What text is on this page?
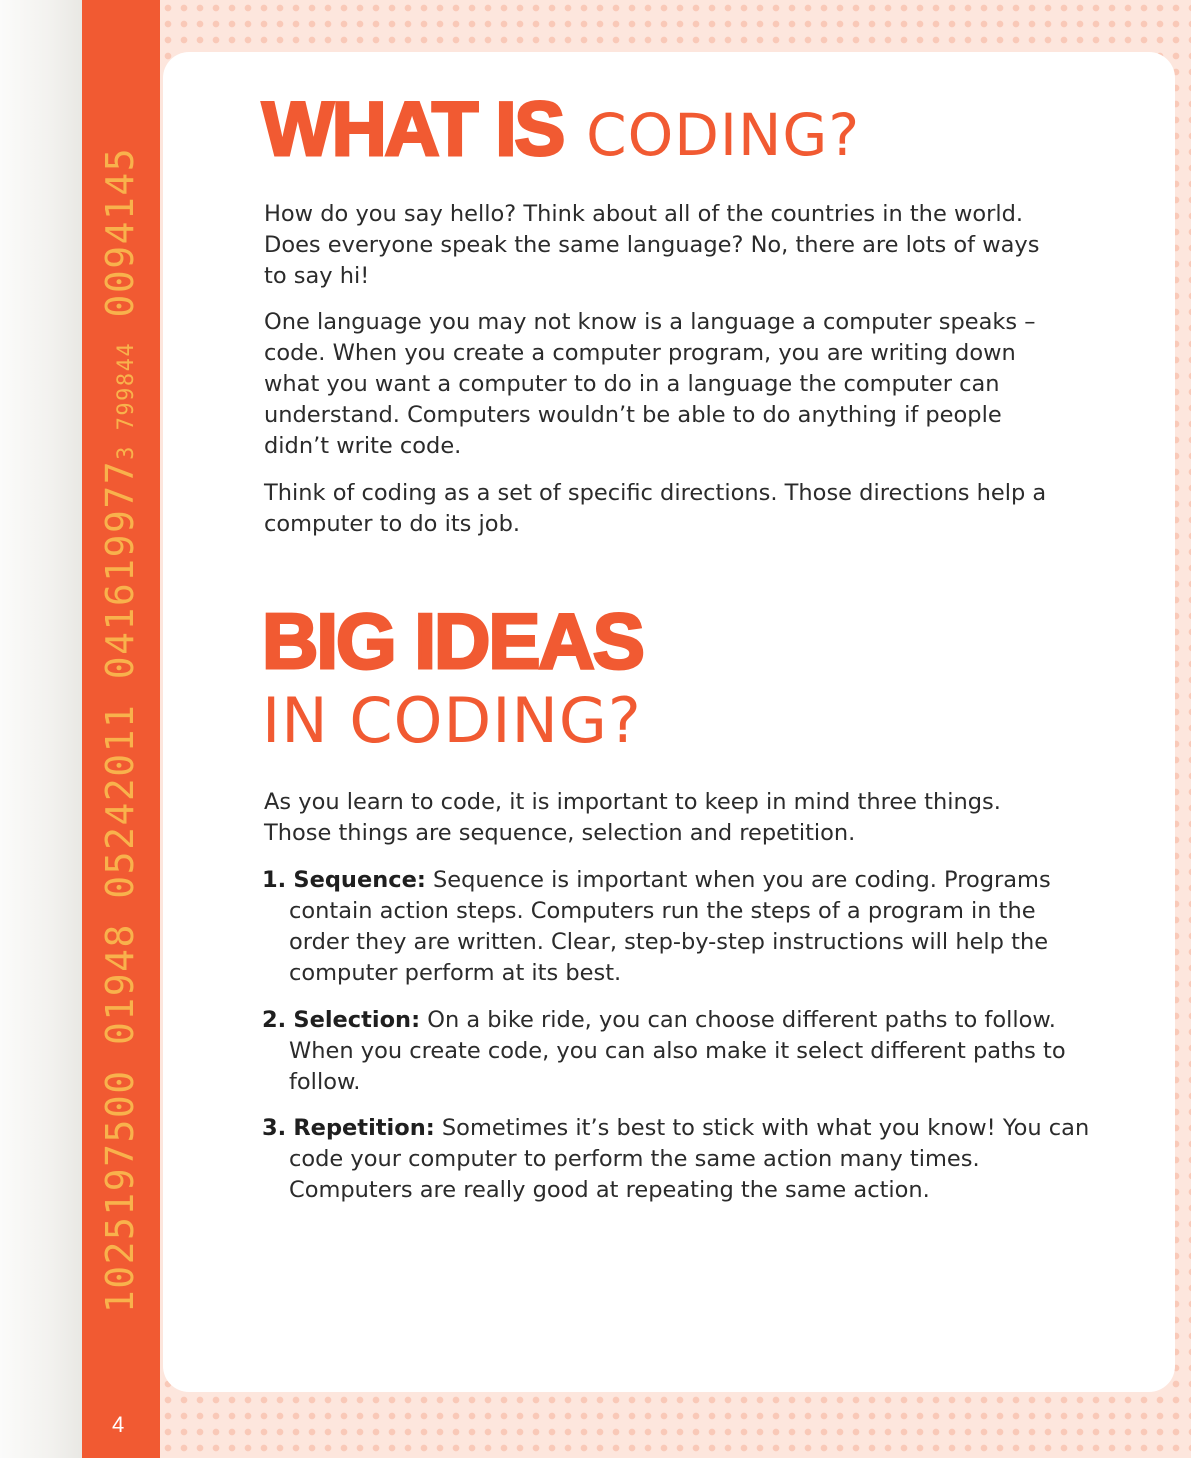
1025197500 01948 05242011 0416199773 799844 0094145
4
WHAT IS CODING?

How do you say hello? Think about all of the countries in the world. Does everyone speak the same language? No, there are lots of ways to say hi!

One language you may not know is a language a computer speaks – code. When you create a computer program, you are writing down what you want a computer to do in a language the computer can understand. Computers wouldn’t be able to do anything if people didn’t write code.

Think of coding as a set of specific directions. Those directions help a computer to do its job.

BIG IDEAS
IN CODING?

As you learn to code, it is important to keep in mind three things. Those things are sequence, selection and repetition.

1. Sequence: Sequence is important when you are coding. Programs contain action steps. Computers run the steps of a program in the order they are written. Clear, step-by-step instructions will help the computer perform at its best.
2. Selection: On a bike ride, you can choose different paths to follow. When you create code, you can also make it select different paths to follow.
3. Repetition: Sometimes it’s best to stick with what you know! You can code your computer to perform the same action many times. Computers are really good at repeating the same action.
